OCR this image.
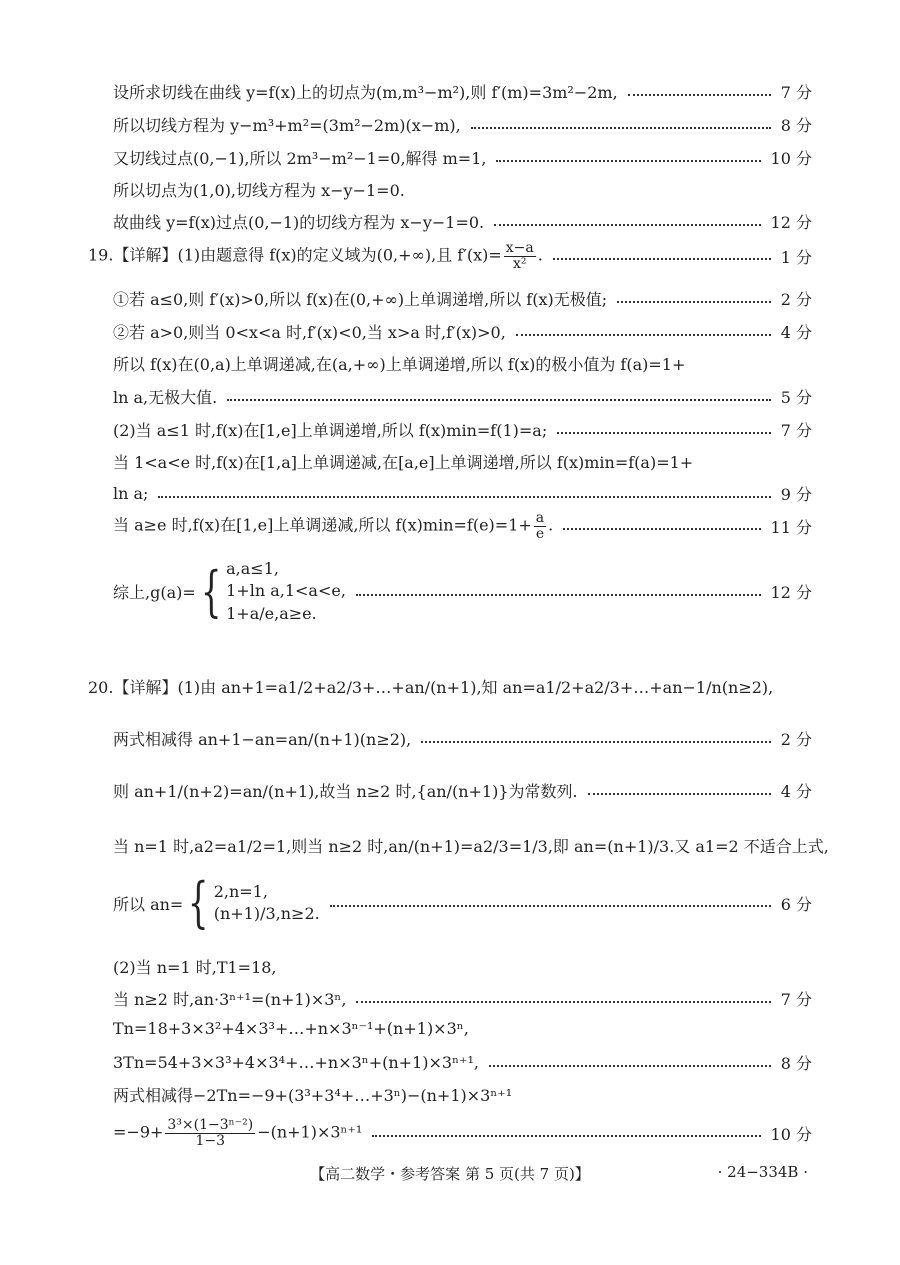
设所求切线在曲线 y=f(x)上的切点为(m,m³−m²),则 f′(m)=3m²−2m,	7 分
所以切线方程为 y−m³+m²=(3m²−2m)(x−m),	8 分
又切线过点(0,−1),所以 2m³−m²−1=0,解得 m=1,	10 分
所以切点为(1,0),切线方程为 x−y−1=0.
故曲线 y=f(x)过点(0,−1)的切线方程为 x−y−1=0.	12 分
19.【详解】(1)由题意得 f(x)的定义域为(0,+∞),且 $f'(x)= \frac{x-a}{\text{x²}}$ .	1 分
①若 a≤0,则 f′(x)>0,所以 f(x)在(0,+∞)上单调递增,所以 f(x)无极值;	2 分
②若 a>0,则当 0<x<a 时,f′(x)<0,当 x>a 时,f′(x)>0,	4 分
所以 f(x)在(0,a)上单调递减,在(a,+∞)上单调递增,所以 f(x)的极小值为 f(a)=1+
ln a,无极大值.	5 分
(2)当 a≤1 时,f(x)在[1,e]上单调递增,所以 f(x)min=f(1)=a;	7 分
当 1<a<e 时,f(x)在[1,a]上单调递减,在[a,e]上单调递增,所以 f(x)min=f(a)=1+
ln a;	9 分
当 a≥e 时,f(x)在[1,e]上单调递减,所以 $f(x)\min=f(e)=1+ \frac{a}{e}$ .	11 分
综上,g(a)= { a,a≤1,
1+ln a,1<a<e,
1+a/e,a≥e.
12 分
20.【详解】(1)由 an+1=a1/2+a2/3+…+an/(n+1), 知 an=a1/2+a2/3+…+an−1/n(n≥2),
两式相减得 an+1−an=an/(n+1)(n≥2),	2 分
则 an+1/(n+2)=an/(n+1),故当 n≥2 时,{an/(n+1)}为常数列.	4 分
当 n=1 时,a2=a1/2=1,则当 n≥2 时,an/(n+1)=a2/3=1/3,即 an=(n+1)/3.又 a1=2 不适合上式,
所以 an= { 2,n=1,
(n+1)/3,n≥2.	6 分
(2)当 n=1 时,T1=18,
当 n≥2 时,an·3ⁿ⁺¹=(n+1)×3ⁿ,	7 分
Tn=18+3×3²+4×3³+…+n×3ⁿ⁻¹+(n+1)×3ⁿ,
3Tn=54+3×3³+4×3⁴+…+n×3ⁿ+(n+1)×3ⁿ⁺¹,	8 分
两式相减得−2Tn=−9+(3³+3⁴+…+3ⁿ)−(n+1)×3ⁿ⁺¹
$=-9+ \frac{\text{3³×(1−3ⁿ⁻²)}}{1-3} -(n+1)\times 3^{n+1}$	10 分
【高二数学・参考答案 第 5 页(共 7 页)】	· 24−334B ·
